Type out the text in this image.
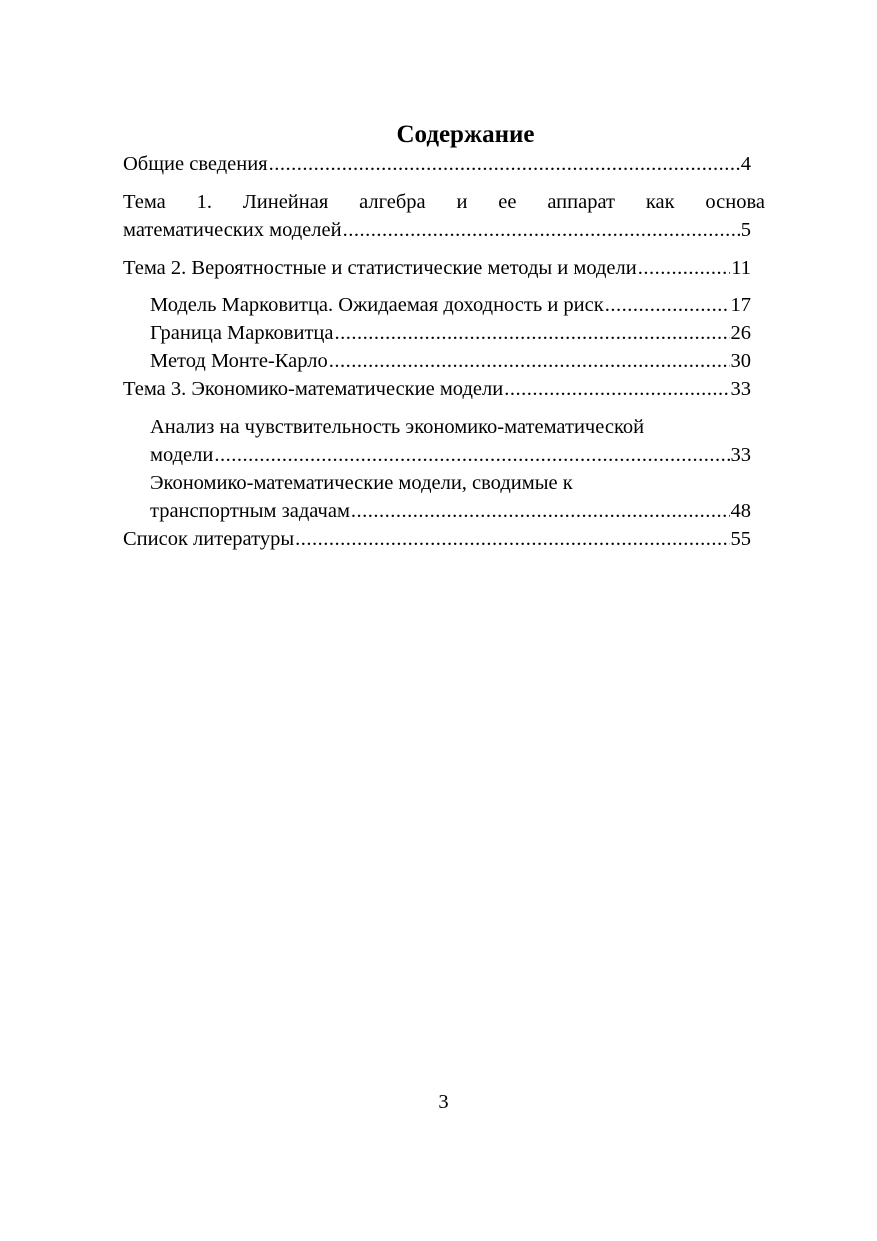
Содержание
Общие сведения .....	4
Тема 1. Линейная алгебра и ее аппарат как основа
математических моделей .....	5
Тема 2. Вероятностные и статистические методы и модели .....	11
Модель Марковитца. Ожидаемая доходность и риск .....	17
Граница Марковитца .....	26
Метод Монте-Карло .....	30
Тема 3. Экономико-математические модели .....	33
Анализ на чувствительность экономико-математической
модели .....	33
Экономико-математические модели, сводимые к
транспортным задачам .....	48
Список литературы .....	55
3
